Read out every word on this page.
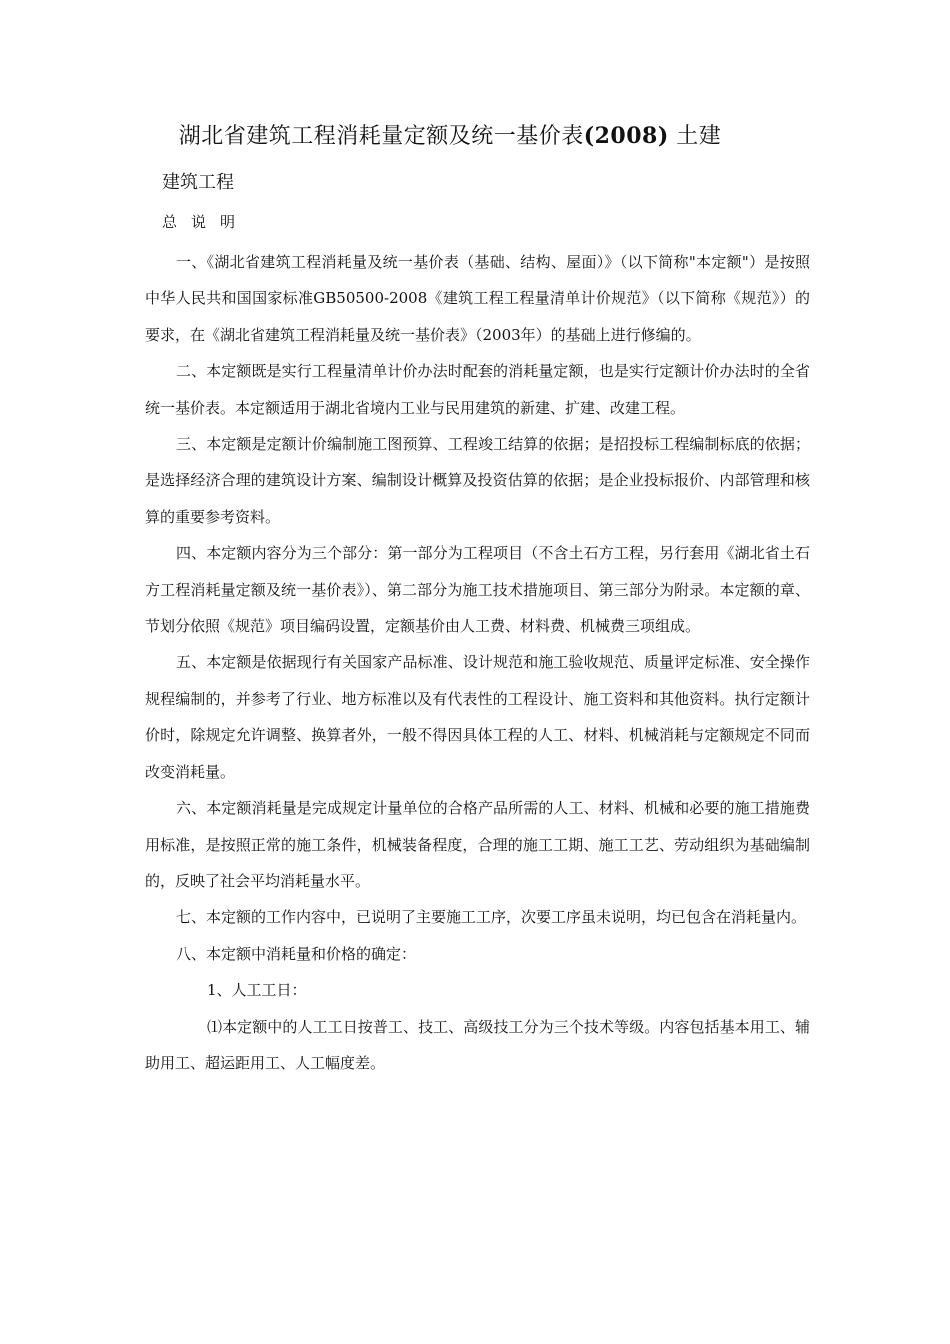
湖北省建筑工程消耗量定额及统一基价表(2008) 土建
建筑工程
总说明

一、《湖北省建筑工程消耗量及统一基价表（基础、结构、屋面）》（以下简称"本定额"）是按照中华人民共和国国家标准GB50500-2008《建筑工程工程量清单计价规范》（以下简称《规范》）的要求，在《湖北省建筑工程消耗量及统一基价表》（2003年）的基础上进行修编的。

二、本定额既是实行工程量清单计价办法时配套的消耗量定额，也是实行定额计价办法时的全省统一基价表。本定额适用于湖北省境内工业与民用建筑的新建、扩建、改建工程。

三、本定额是定额计价编制施工图预算、工程竣工结算的依据；是招投标工程编制标底的依据；是选择经济合理的建筑设计方案、编制设计概算及投资估算的依据；是企业投标报价、内部管理和核算的重要参考资料。

四、本定额内容分为三个部分：第一部分为工程项目（不含土石方工程，另行套用《湖北省土石方工程消耗量定额及统一基价表》）、第二部分为施工技术措施项目、第三部分为附录。本定额的章、节划分依照《规范》项目编码设置，定额基价由人工费、材料费、机械费三项组成。

五、本定额是依据现行有关国家产品标准、设计规范和施工验收规范、质量评定标准、安全操作规程编制的，并参考了行业、地方标准以及有代表性的工程设计、施工资料和其他资料。执行定额计价时，除规定允许调整、换算者外，一般不得因具体工程的人工、材料、机械消耗与定额规定不同而改变消耗量。

六、本定额消耗量是完成规定计量单位的合格产品所需的人工、材料、机械和必要的施工措施费用标准，是按照正常的施工条件，机械装备程度，合理的施工工期、施工工艺、劳动组织为基础编制的，反映了社会平均消耗量水平。

七、本定额的工作内容中，已说明了主要施工工序，次要工序虽未说明，均已包含在消耗量内。

八、本定额中消耗量和价格的确定：

1、人工工日：

⑴本定额中的人工工日按普工、技工、高级技工分为三个技术等级。内容包括基本用工、辅助用工、超运距用工、人工幅度差。
